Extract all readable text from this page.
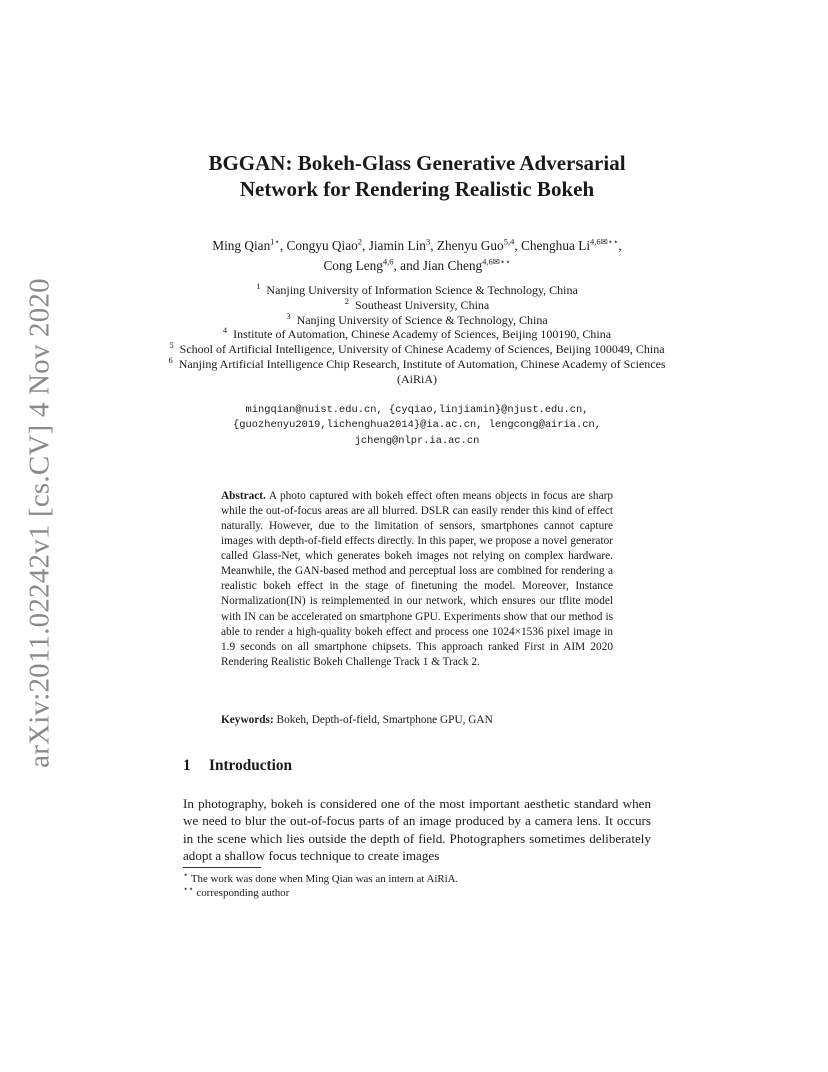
arXiv:2011.02242v1 [cs.CV] 4 Nov 2020
BGGAN: Bokeh-Glass Generative Adversarial
Network for Rendering Realistic Bokeh
Ming Qian$^{1⋆}$, Congyu Qiao$^2$, Jiamin Lin$^3$, Zhenyu Guo$^{5,4}$, Chenghua $Li^{4,6✉⋆⋆}$,
Cong Leng$^{4,6}$, and Jian Cheng$^{4,6✉⋆⋆}$
$^1$ Nanjing University of Information Science & Technology, China
$^2$ Southeast University, China
$^3$ Nanjing University of Science & Technology, China
$^4$ Institute of Automation, Chinese Academy of Sciences, Beijing 100190, China
$^5$ School of Artificial Intelligence, University of Chinese Academy of Sciences, Beijing 100049, China
$^6$ Nanjing Artificial Intelligence Chip Research, Institute of Automation, Chinese Academy of Sciences (AiRiA)
mingqian@nuist.edu.cn, {cyqiao,linjiamin}@njust.edu.cn,
{guozhenyu2019,lichenghua2014}@ia.ac.cn, lengcong@airia.cn,
jcheng@nlpr.ia.ac.cn
Abstract. A photo captured with bokeh effect often means objects in focus are sharp while the out-of-focus areas are all blurred. DSLR can easily render this kind of effect naturally. However, due to the limitation of sensors, smartphones cannot capture images with depth-of-field effects directly. In this paper, we propose a novel generator called Glass-Net, which generates bokeh images not relying on complex hardware. Meanwhile, the GAN-based method and perceptual loss are combined for rendering a realistic bokeh effect in the stage of finetuning the model. Moreover, Instance Normalization(IN) is reimplemented in our network, which ensures our tflite model with IN can be accelerated on smartphone GPU. Experiments show that our method is able to render a high-quality bokeh effect and process one 1024×1536 pixel image in 1.9 seconds on all smartphone chipsets. This approach ranked First in AIM 2020 Rendering Realistic Bokeh Challenge Track 1 & Track 2.
Keywords: Bokeh, Depth-of-field, Smartphone GPU, GAN
1 Introduction
In photography, bokeh is considered one of the most important aesthetic standard when we need to blur the out-of-focus parts of an image produced by a camera lens. It occurs in the scene which lies outside the depth of field. Photographers sometimes deliberately adopt a shallow focus technique to create images
⋆ The work was done when Ming Qian was an intern at AiRiA.
⋆⋆ corresponding author
